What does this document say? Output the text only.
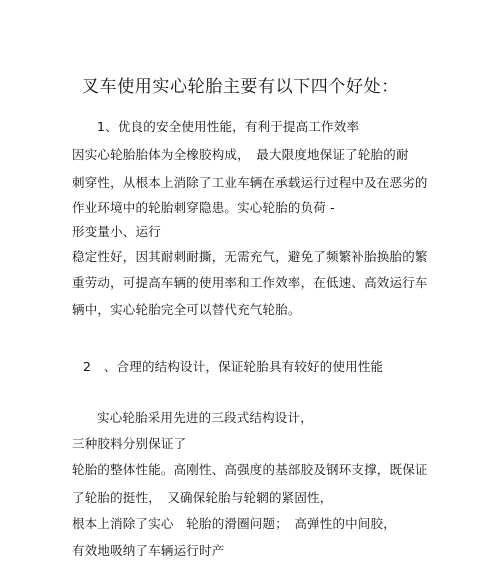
叉车使用实心轮胎主要有以下四个好处：
1、优良的安全使用性能，有利于提高工作效率
因实心轮胎胎体为全橡胶构成，　最大限度地保证了轮胎的耐
刺穿性，从根本上消除了工业车辆在承载运行过程中及在恶劣的
作业环境中的轮胎刺穿隐患。实心轮胎的负荷 -
形变量小、运行
稳定性好，因其耐刺耐撕，无需充气，避免了频繁补胎换胎的繁
重劳动，可提高车辆的使用率和工作效率，在低速、高效运行车
辆中，实心轮胎完全可以替代充气轮胎。
2　、合理的结构设计，保证轮胎具有较好的使用性能
实心轮胎采用先进的三段式结构设计，
三种胶料分别保证了
轮胎的整体性能。高刚性、高强度的基部胶及钢环支撑，既保证
了轮胎的挺性，　又确保轮胎与轮辋的紧固性，
根本上消除了实心　轮胎的滑圈问题；　高弹性的中间胶，
有效地吸纳了车辆运行时产
